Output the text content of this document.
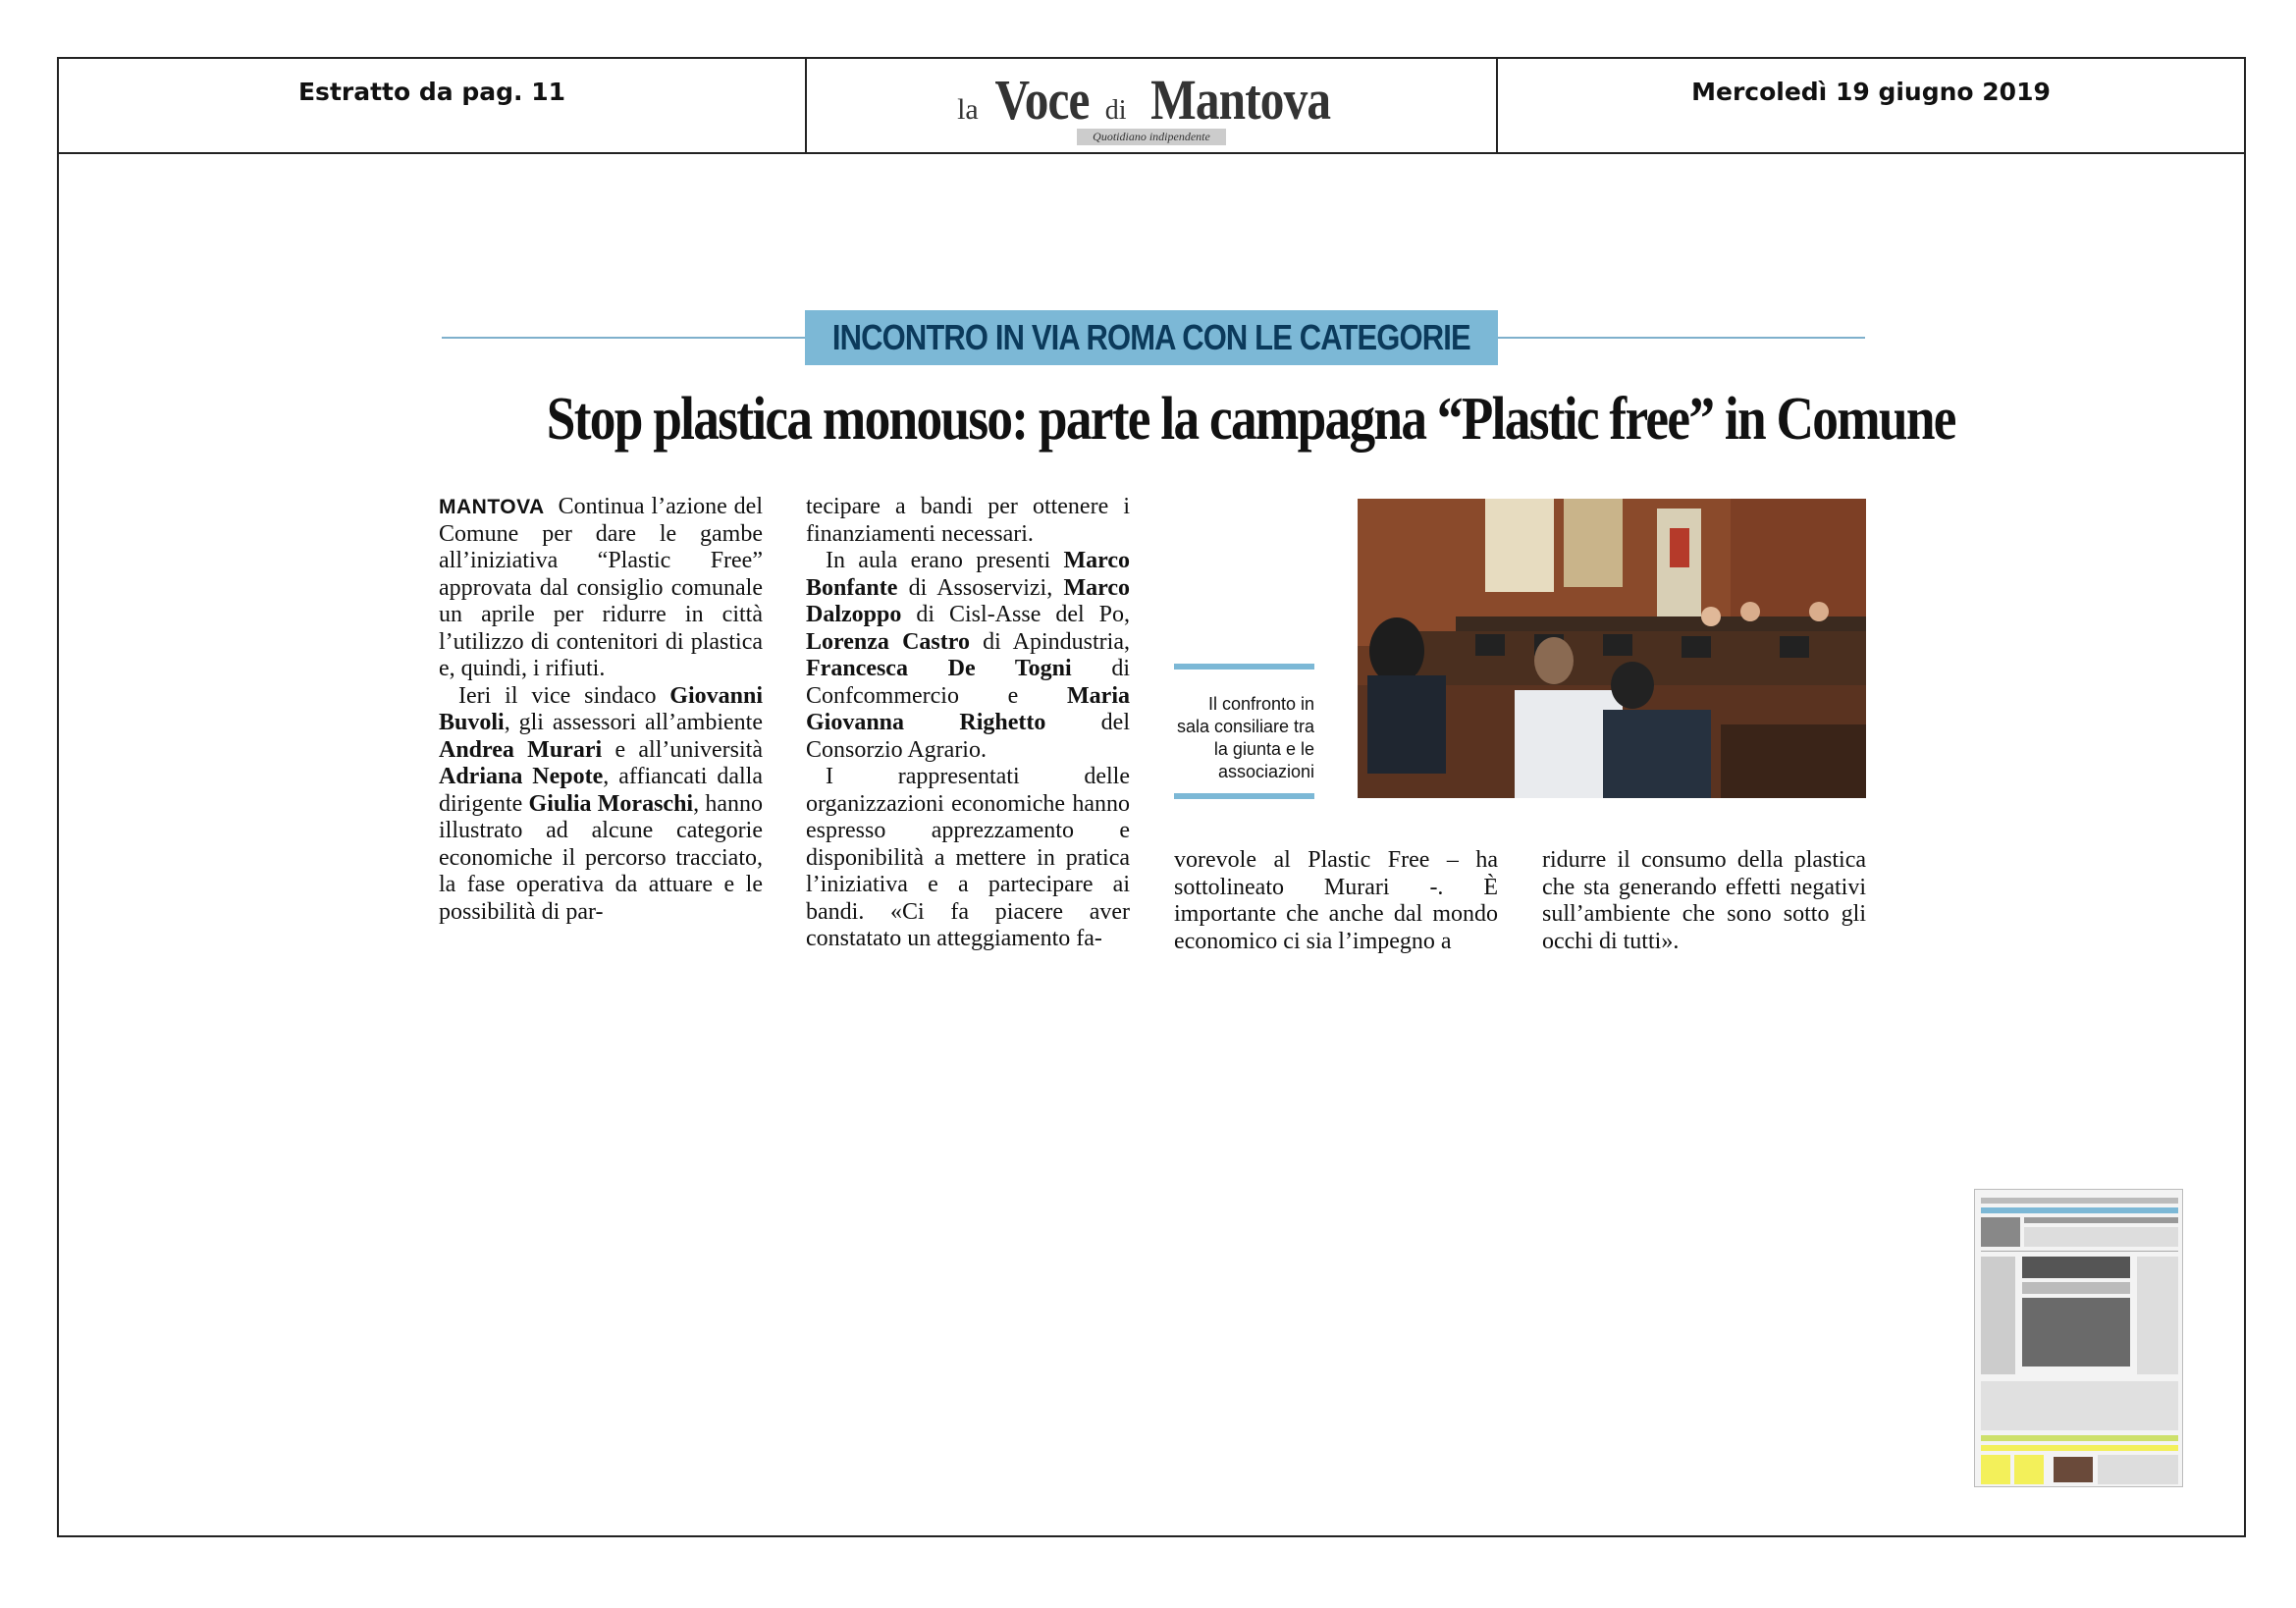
Estratto da pag. 11
la Voce di Mantova
Quotidiano indipendente
Mercoledì 19 giugno 2019
INCONTRO IN VIA ROMA CON LE CATEGORIE
Stop plastica monouso: parte la campagna “Plastic free” in Comune

MANTOVA Continua l’azione del Comune per dare le gambe all’iniziativa “Plastic Free” approvata dal consiglio comunale un aprile per ridurre in città l’utilizzo di contenitori di plastica e, quindi, i rifiuti.

Ieri il vice sindaco Giovanni Buvoli, gli assessori all’ambiente Andrea Murari e all’università Adriana Nepote, affiancati dalla dirigente Giulia Moraschi, hanno illustrato ad alcune categorie economiche il percorso tracciato, la fase operativa da attuare e le possibilità di par-

tecipare a bandi per ottenere i finanziamenti necessari.

In aula erano presenti Marco Bonfante di Assoservizi, Marco Dalzoppo di Cisl-Asse del Po, Lorenza Castro di Apindustria, Francesca De Togni di Confcommercio e Maria Giovanna Righetto del Consorzio Agrario.

I rappresentati delle organizzazioni economiche hanno espresso apprezzamento e disponibilità a mettere in pratica l’iniziativa e a partecipare ai bandi. «Ci fa piacere aver constatato un atteggiamento fa-

vorevole al Plastic Free – ha sottolineato Murari -. È importante che anche dal mondo economico ci sia l’impegno a

ridurre il consumo della plastica che sta generando effetti negativi sull’ambiente che sono sotto gli occhi di tutti».

Il confronto in sala consiliare tra la giunta e le associazioni
